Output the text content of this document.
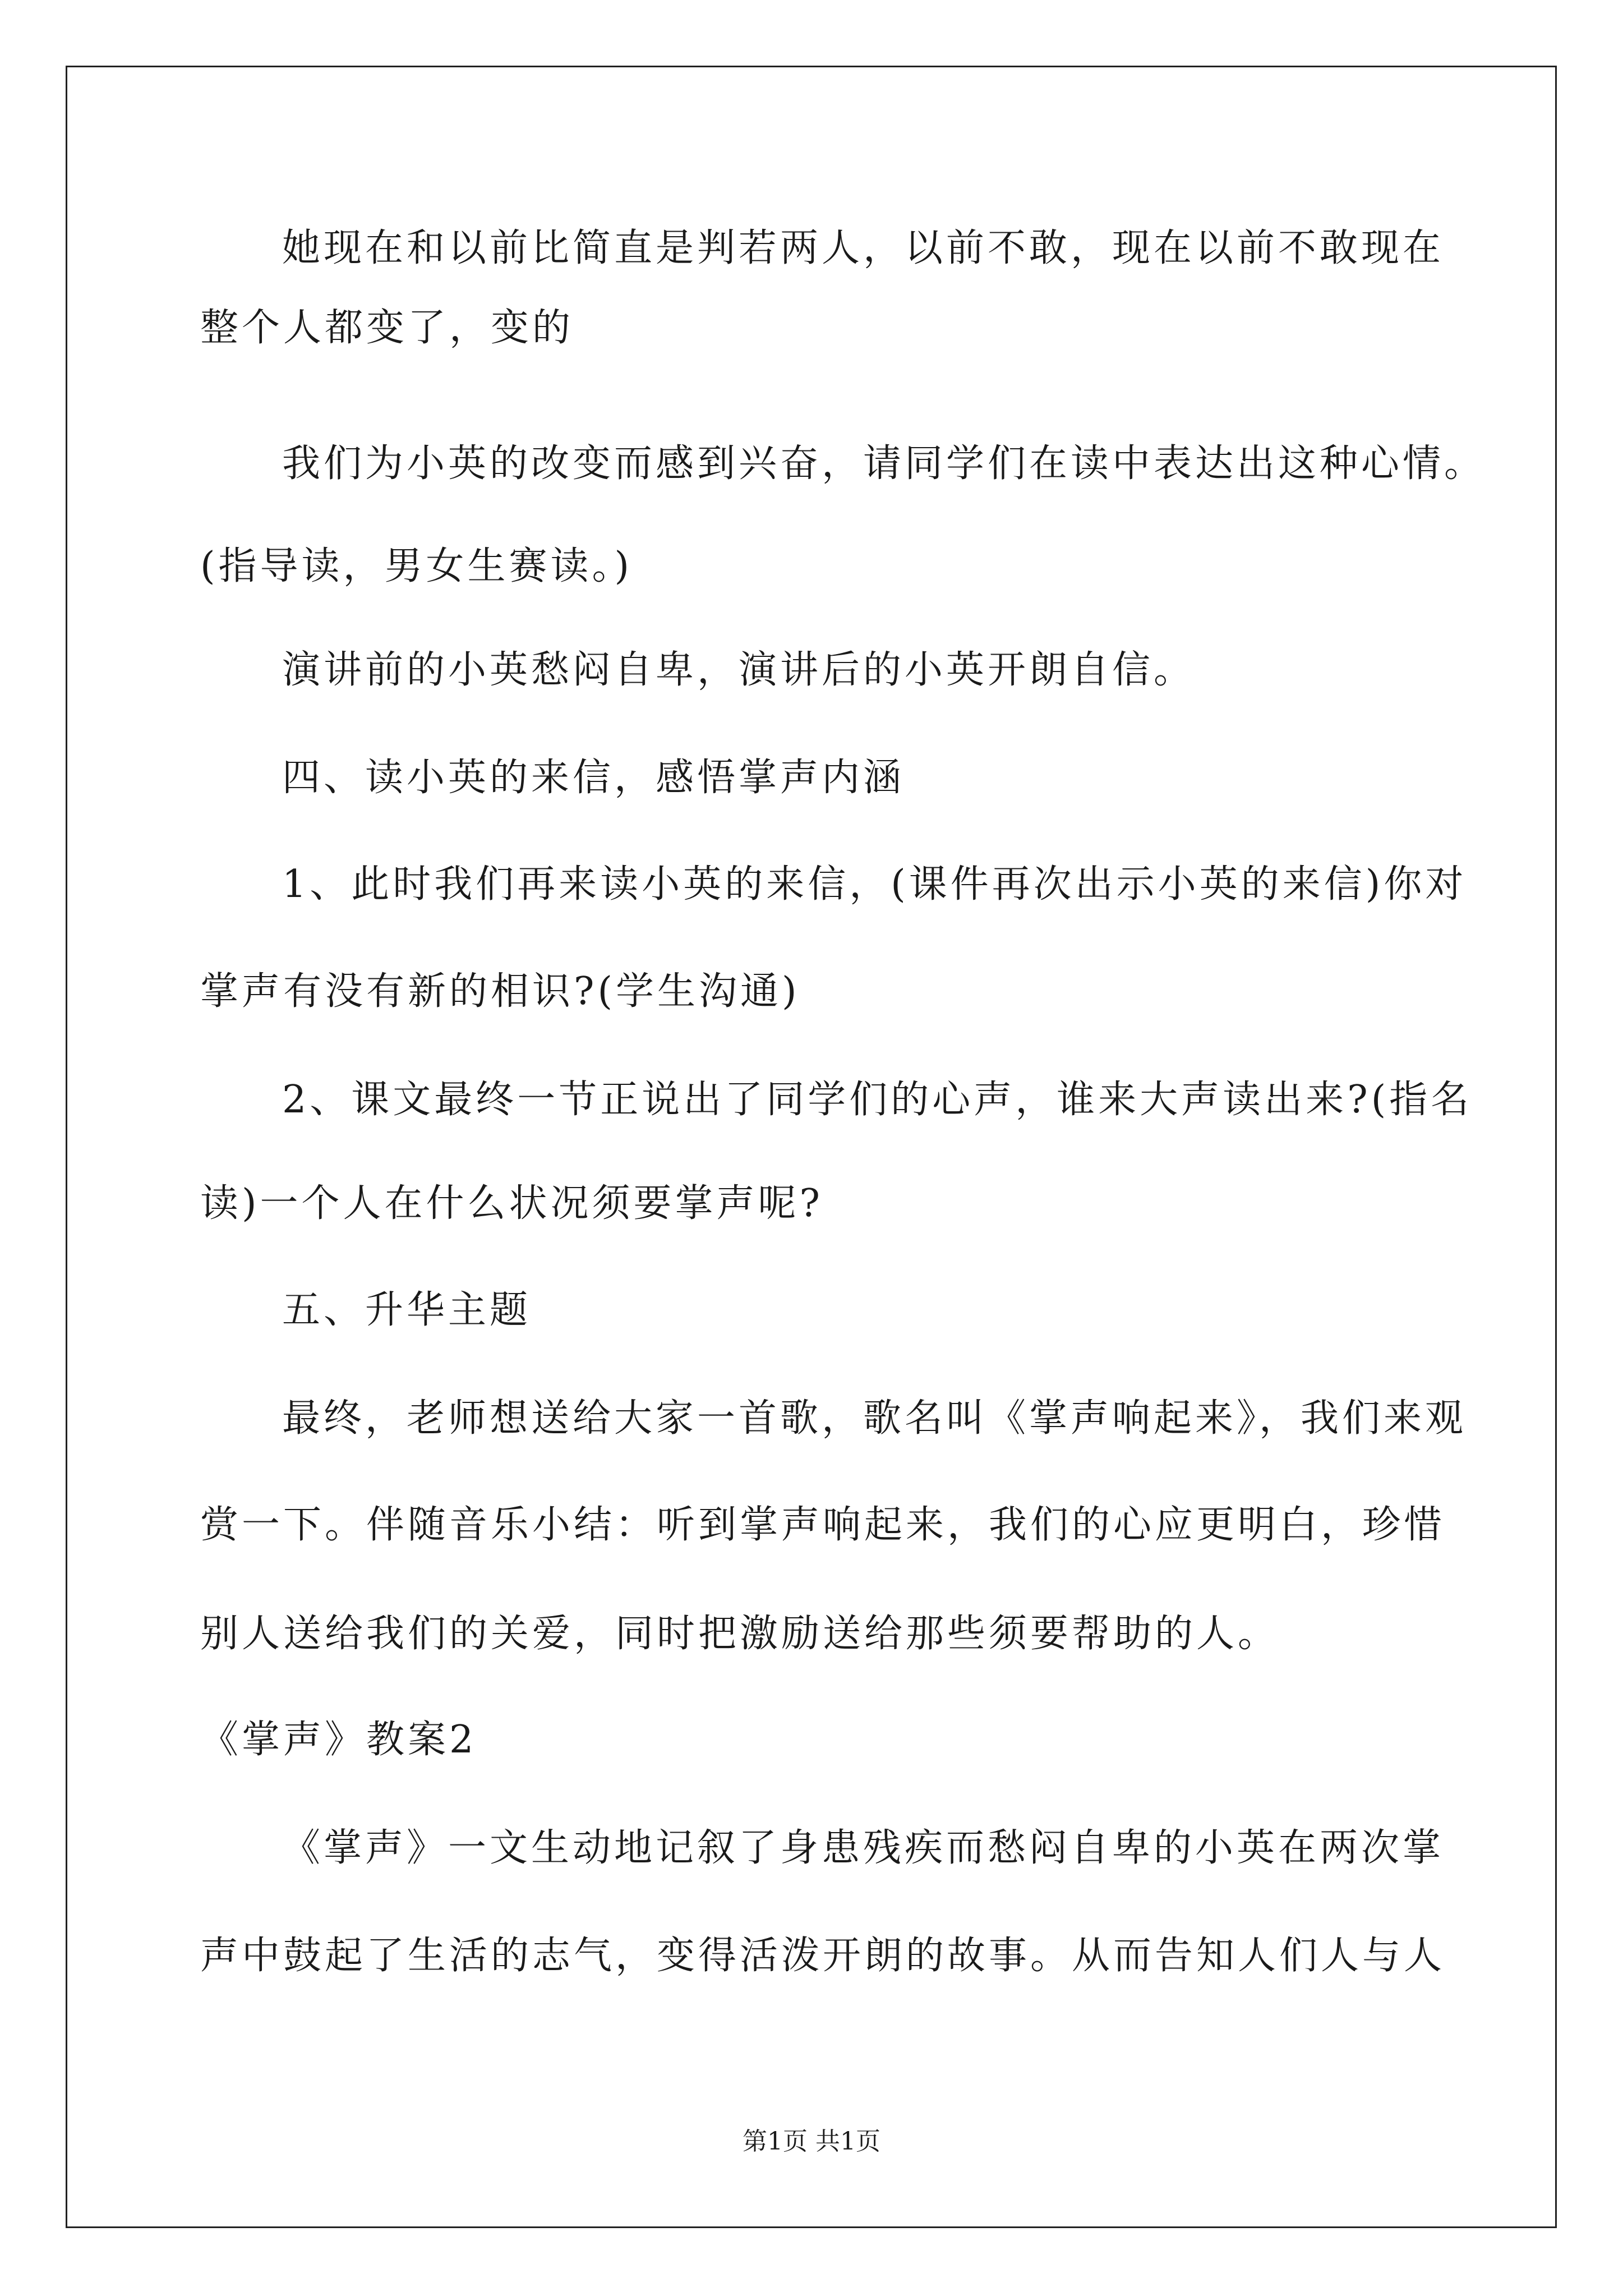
她现在和以前比简直是判若两人，以前不敢，现在以前不敢现在
整个人都变了，变的
我们为小英的改变而感到兴奋，请同学们在读中表达出这种心情。
(指导读，男女生赛读。)
演讲前的小英愁闷自卑，演讲后的小英开朗自信。
四、读小英的来信，感悟掌声内涵
1、此时我们再来读小英的来信，(课件再次出示小英的来信)你对
掌声有没有新的相识?(学生沟通)
2、课文最终一节正说出了同学们的心声，谁来大声读出来?(指名
读)一个人在什么状况须要掌声呢?
五、升华主题
最终，老师想送给大家一首歌，歌名叫《掌声响起来》，我们来观
赏一下。伴随音乐小结：听到掌声响起来，我们的心应更明白，珍惜
别人送给我们的关爱，同时把激励送给那些须要帮助的人。
《掌声》教案2
《掌声》一文生动地记叙了身患残疾而愁闷自卑的小英在两次掌
声中鼓起了生活的志气，变得活泼开朗的故事。从而告知人们人与人
第1页 共1页
